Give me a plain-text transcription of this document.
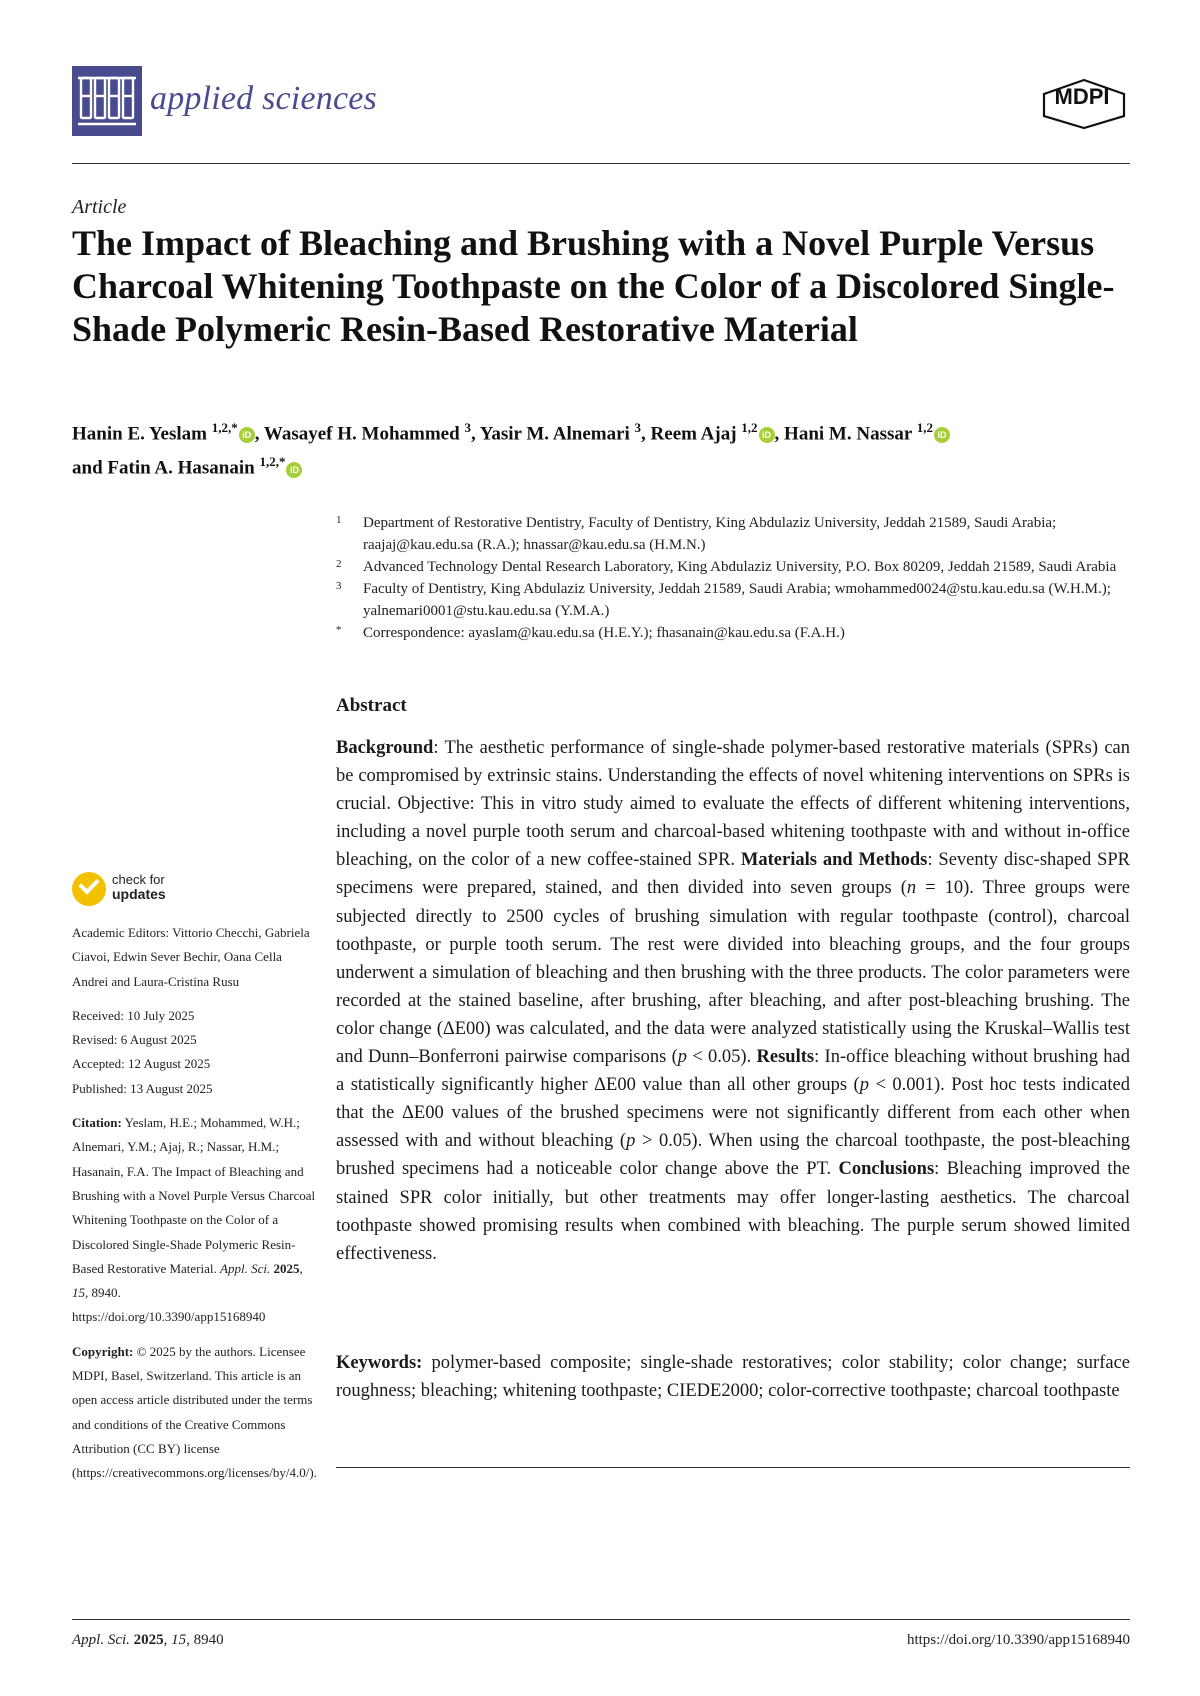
applied sciences	MDPI
Article
The Impact of Bleaching and Brushing with a Novel Purple Versus Charcoal Whitening Toothpaste on the Color of a Discolored Single-Shade Polymeric Resin-Based Restorative Material
Hanin E. Yeslam $^{1,2,*}$iD , Wasayef H. Mohammed $^3$, Yasir M. Alnemari $^3$, Reem Ajaj $^{1,2}$iD , Hani M. Nassar $^{1,2}$iD
and Fatin A. Hasanain $^{1,2,*}$iD
1 Department of Restorative Dentistry, Faculty of Dentistry, King Abdulaziz University, Jeddah 21589, Saudi Arabia; raajaj@kau.edu.sa (R.A.); hnassar@kau.edu.sa (H.M.N.)
2 Advanced Technology Dental Research Laboratory, King Abdulaziz University, P.O. Box 80209, Jeddah 21589, Saudi Arabia
3 Faculty of Dentistry, King Abdulaziz University, Jeddah 21589, Saudi Arabia; wmohammed0024@stu.kau.edu.sa (W.H.M.); yalnemari0001@stu.kau.edu.sa (Y.M.A.)
* Correspondence: ayaslam@kau.edu.sa (H.E.Y.); fhasanain@kau.edu.sa (F.A.H.)
Abstract
Background: The aesthetic performance of single-shade polymer-based restorative materials (SPRs) can be compromised by extrinsic stains. Understanding the effects of novel whitening interventions on SPRs is crucial. Objective: This in vitro study aimed to evaluate the effects of different whitening interventions, including a novel purple tooth serum and charcoal-based whitening toothpaste with and without in-office bleaching, on the color of a new coffee-stained SPR. Materials and Methods: Seventy disc-shaped SPR specimens were prepared, stained, and then divided into seven groups (n = 10). Three groups were subjected directly to 2500 cycles of brushing simulation with regular toothpaste (control), charcoal toothpaste, or purple tooth serum. The rest were divided into bleaching groups, and the four groups underwent a simulation of bleaching and then brushing with the three products. The color parameters were recorded at the stained baseline, after brushing, after bleaching, and after post-bleaching brushing. The color change (ΔE00) was calculated, and the data were analyzed statistically using the Kruskal–Wallis test and Dunn–Bonferroni pairwise comparisons (p < 0.05). Results: In-office bleaching without brushing had a statistically significantly higher ΔE00 value than all other groups (p < 0.001). Post hoc tests indicated that the ΔE00 values of the brushed specimens were not significantly different from each other when assessed with and without bleaching (p > 0.05). When using the charcoal toothpaste, the post-bleaching brushed specimens had a noticeable color change above the PT. Conclusions: Bleaching improved the stained SPR color initially, but other treatments may offer longer-lasting aesthetics. The charcoal toothpaste showed promising results when combined with bleaching. The purple serum showed limited effectiveness.
Keywords: polymer-based composite; single-shade restoratives; color stability; color change; surface roughness; bleaching; whitening toothpaste; CIEDE2000; color-corrective toothpaste; charcoal toothpaste
check for
updates

Academic Editors: Vittorio Checchi, Gabriela Ciavoi, Edwin Sever Bechir, Oana Cella Andrei and Laura-Cristina Rusu

Received: 10 July 2025

Revised: 6 August 2025

Accepted: 12 August 2025

Published: 13 August 2025

Citation: Yeslam, H.E.; Mohammed, W.H.; Alnemari, Y.M.; Ajaj, R.; Nassar, H.M.; Hasanain, F.A. The Impact of Bleaching and Brushing with a Novel Purple Versus Charcoal Whitening Toothpaste on the Color of a Discolored Single-Shade Polymeric Resin-Based Restorative Material. Appl. Sci. 2025, 15, 8940. https://doi.org/10.3390/app15168940

Copyright: © 2025 by the authors. Licensee MDPI, Basel, Switzerland. This article is an open access article distributed under the terms and conditions of the Creative Commons Attribution (CC BY) license (https://creativecommons.org/licenses/by/4.0/).

Appl. Sci. 2025, 15, 8940	https://doi.org/10.3390/app15168940
